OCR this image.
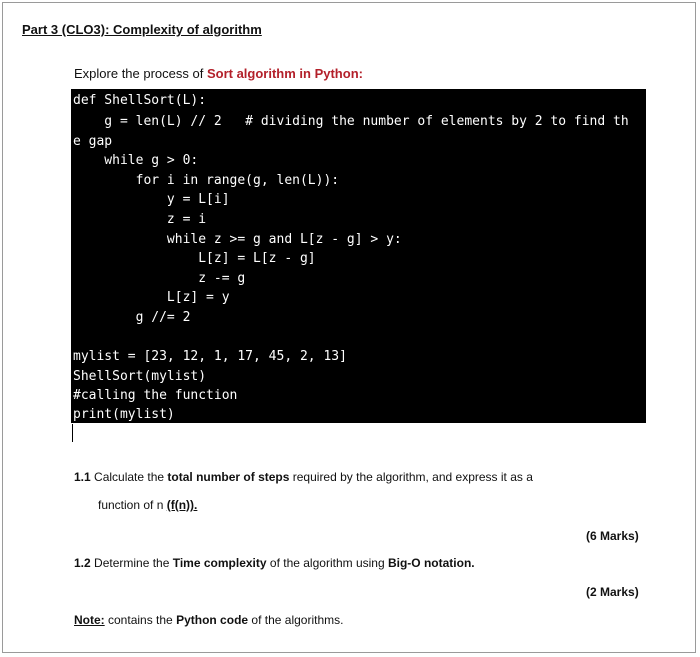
Part 3 (CLO3): Complexity of algorithm
Explore the process of Sort algorithm in Python:
def ShellSort(L):
g = len(L) // 2   # dividing the number of elements by 2 to find th
e gap
while g > 0:
for i in range(g, len(L)):
y = L[i]
z = i
while z >= g and L[z - g] > y:
L[z] = L[z - g]
z -= g
L[z] = y
g //= 2
mylist = [23, 12, 1, 17, 45, 2, 13]
ShellSort(mylist)
#calling the function
print(mylist)
1.1 Calculate the total number of steps required by the algorithm, and express it as a
function of n (f(n)).
(6 Marks)
1.2 Determine the Time complexity of the algorithm using Big-O notation.
(2 Marks)
Note: contains the Python code of the algorithms.
